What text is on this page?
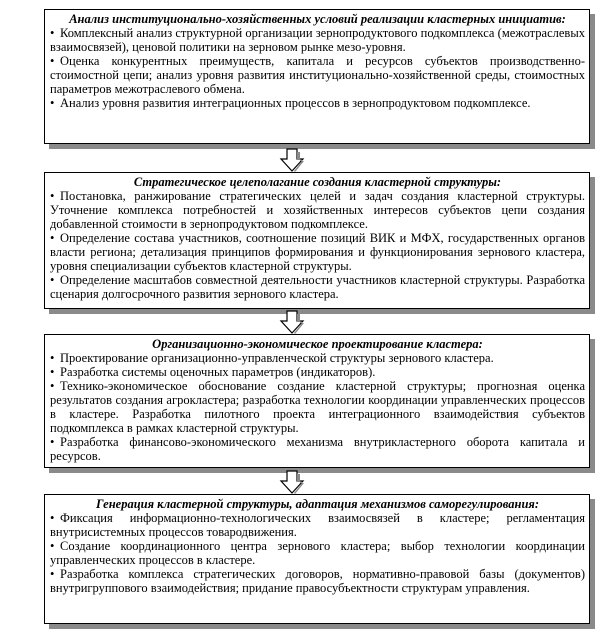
Анализ институционально-хозяйственных условий реализации кластерных инициатив:
• Комплексный анализ структурной организации зернопродуктового подкомплекса (межотраслевых взаимосвязей), ценовой политики на зерновом рынке мезо-уровня.
• Оценка конкурентных преимуществ, капитала и ресурсов субъектов производственно-стоимостной цепи; анализ уровня развития институционально-хозяйственной среды, стоимостных параметров межотраслевого обмена.
• Анализ уровня развития интеграционных процессов в зернопродуктовом подкомплексе.
Стратегическое целеполагание создания кластерной структуры:
• Постановка, ранжирование стратегических целей и задач создания кластерной структуры. Уточнение комплекса потребностей и хозяйственных интересов субъектов цепи создания добавленной стоимости в зернопродуктовом подкомплексе.
• Определение состава участников, соотношение позиций ВИК и МФХ, государственных органов власти региона; детализация принципов формирования и функционирования зернового кластера, уровня специализации субъектов кластерной структуры.
• Определение масштабов совместной деятельности участников кластерной структуры. Разработка сценария долгосрочного развития зернового кластера.
Организационно-экономическое проектирование кластера:
• Проектирование организационно-управленческой структуры зернового кластера.
• Разработка системы оценочных параметров (индикаторов).
• Технико-экономическое обоснование создание кластерной структуры; прогнозная оценка результатов создания агрокластера; разработка технологии координации управленческих процессов в кластере. Разработка пилотного проекта интеграционного взаимодействия субъектов подкомплекса в рамках кластерной структуры.
• Разработка финансово-экономического механизма внутрикластерного оборота капитала и ресурсов.
Генерация кластерной структуры, адаптация механизмов саморегулирования:
• Фиксация информационно-технологических взаимосвязей в кластере; регламентация внутрисистемных процессов товародвижения.
• Создание координационного центра зернового кластера; выбор технологии координации управленческих процессов в кластере.
• Разработка комплекса стратегических договоров, нормативно-правовой базы (документов) внутригруппового взаимодействия; придание правосубъектности структурам управления.
